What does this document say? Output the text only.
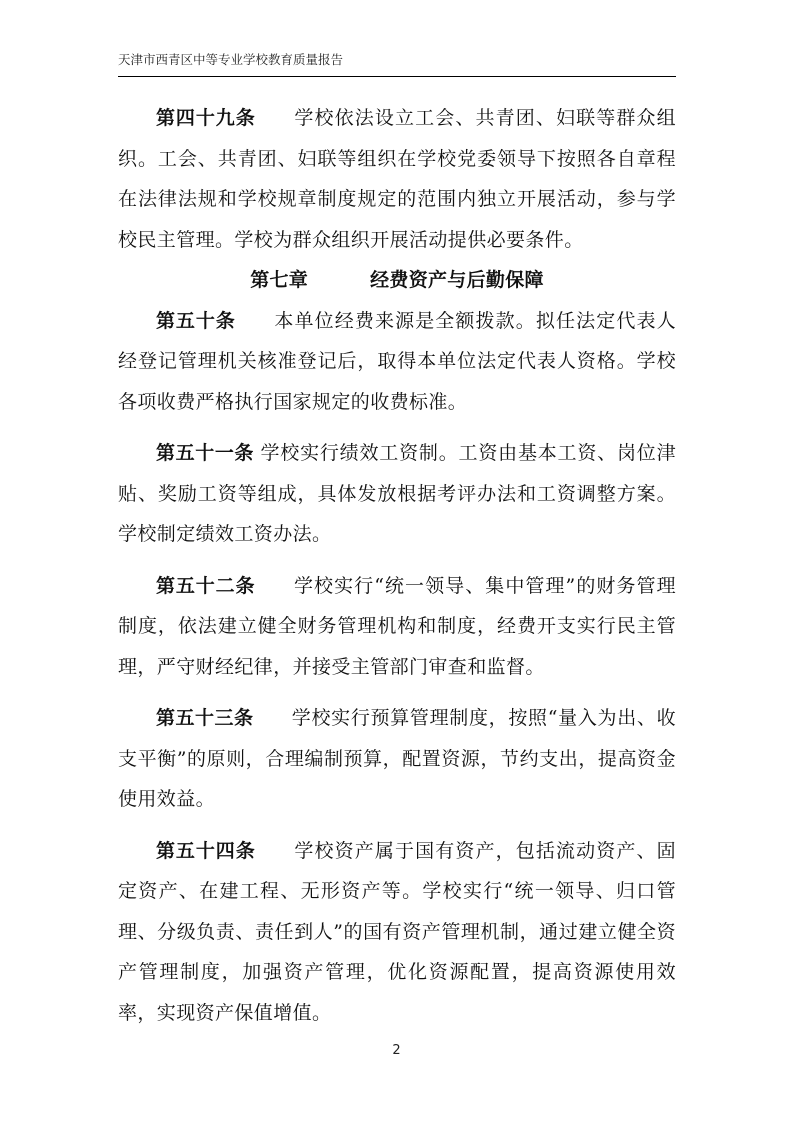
天津市西青区中等专业学校教育质量报告

第四十九条 学校依法设立工会、共青团、妇联等群众组织。工会、共青团、妇联等组织在学校党委领导下按照各自章程在法律法规和学校规章制度规定的范围内独立开展活动，参与学校民主管理。学校为群众组织开展活动提供必要条件。

第七章	经费资产与后勤保障

第五十条 本单位经费来源是全额拨款。拟任法定代表人经登记管理机关核准登记后，取得本单位法定代表人资格。学校各项收费严格执行国家规定的收费标准。

第五十一条 学校实行绩效工资制。工资由基本工资、岗位津贴、奖励工资等组成，具体发放根据考评办法和工资调整方案。学校制定绩效工资办法。

第五十二条 学校实行“统一领导、集中管理”的财务管理制度，依法建立健全财务管理机构和制度，经费开支实行民主管理，严守财经纪律，并接受主管部门审查和监督。

第五十三条 学校实行预算管理制度，按照“量入为出、收支平衡”的原则，合理编制预算，配置资源，节约支出，提高资金使用效益。

第五十四条 学校资产属于国有资产，包括流动资产、固定资产、在建工程、无形资产等。学校实行“统一领导、归口管理、分级负责、责任到人”的国有资产管理机制，通过建立健全资产管理制度，加强资产管理，优化资源配置，提高资源使用效率，实现资产保值增值。

2
